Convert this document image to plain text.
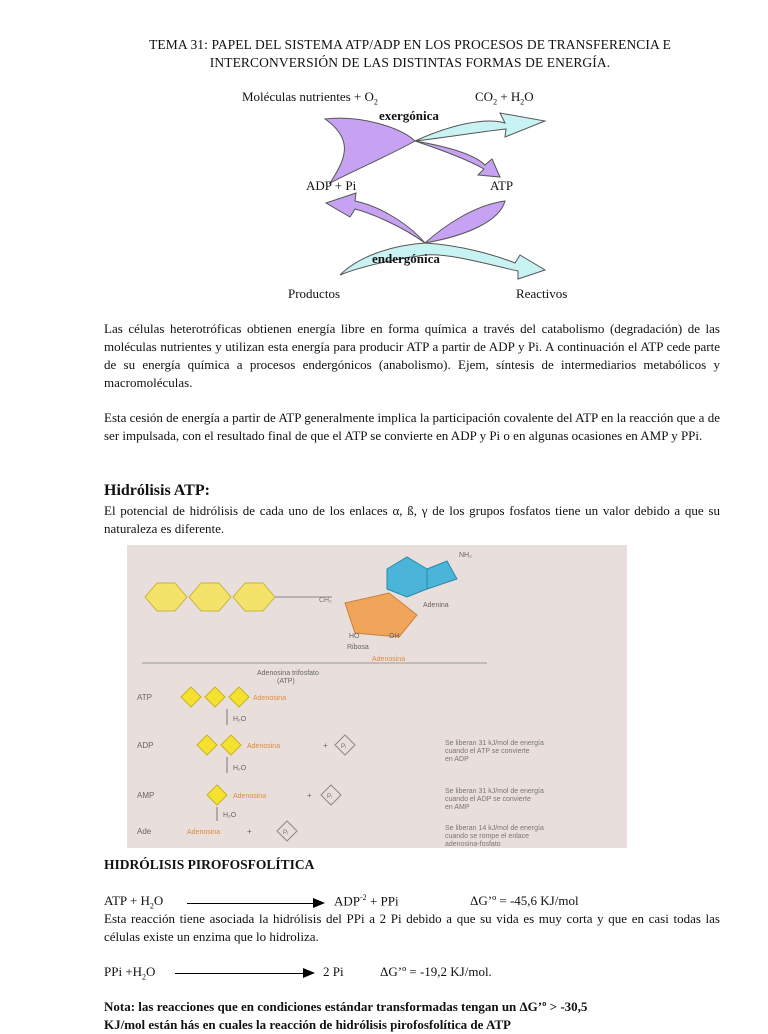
TEMA 31: PAPEL DEL SISTEMA ATP/ADP EN LOS PROCESOS DE TRANSFERENCIA E
INTERCONVERSIÓN DE LAS DISTINTAS FORMAS DE ENERGÍA.
Moléculas nutrientes + $O_2$	$CO_2 + H_2O$
exergónica
ADP + Pi	ATP
endergónica
Productos	Reactivos
Las células heterotróficas obtienen energía libre en forma química a través del catabolismo (degradación) de las moléculas nutrientes y utilizan esta energía para producir ATP a partir de ADP y Pi. A continuación el ATP cede parte de su energía química a procesos endergónicos (anabolismo). Ejem, síntesis de intermediarios metabólicos y macromoléculas.
Esta cesión de energía a partir de ATP generalmente implica la participación covalente del ATP en la reacción que a de ser impulsada, con el resultado final de que el ATP se convierte en ADP y Pi o en algunas ocasiones en AMP y PPi.
Hidrólisis ATP:
El potencial de hidrólisis de cada uno de los enlaces α, ß, γ de los grupos fosfatos tiene un valor debido a que su naturaleza es diferente.
CH₂
HO	OH
Ribosa
NH₂
Adenina
Adenosina
Adenosina trifosfato
(ATP)
ATP
ADP
AMP
Ade
Adenosina
H₂O
Adenosina	+ Pᵢ
H₂O
Adenosina	+	Pᵢ
H₂O
Adenosina	+	Pᵢ
Se liberan 31 kJ/mol de energía
cuando el ATP se convierte
en ADP
Se liberan 31 kJ/mol de energía
cuando el ADP se convierte
en AMP
Se liberan 14 kJ/mol de energía
cuando se rompe el enlace
adenosina-fosfato
HIDRÓLISIS PIROFOSFOLÍTICA
ATP + $H_2O$	$ADP^{-2}$ + PPi	ΔG’º = -45,6 KJ/mol
Esta reacción tiene asociada la hidrólisis del PPi a 2 Pi debido a que su vida es muy corta y que en casi todas las células existe un enzima que lo hidroliza.
PPi $+H_2O$	2 Pi	ΔG’º = -19,2 KJ/mol.
Nota: las reacciones que en condiciones estándar transformadas tengan un ΔG’º > -30,5
KJ/mol están hás en cuales la reacción de hidrólisis pirofosfolítica de ATP
